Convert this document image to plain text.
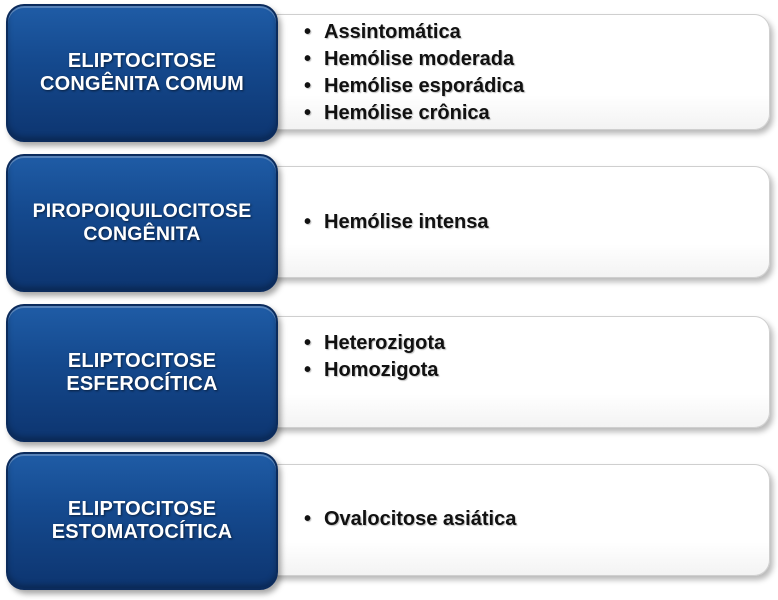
ELIPTOCITOSE
CONGÊNITA COMUM
• Assintomática
• Hemólise moderada
• Hemólise esporádica
• Hemólise crônica
PIROPOIQUILOCITOSE
CONGÊNITA
• Hemólise intensa
ELIPTOCITOSE
ESFEROCÍTICA
• Heterozigota
• Homozigota
ELIPTOCITOSE
ESTOMATOCÍTICA
• Ovalocitose asiática
